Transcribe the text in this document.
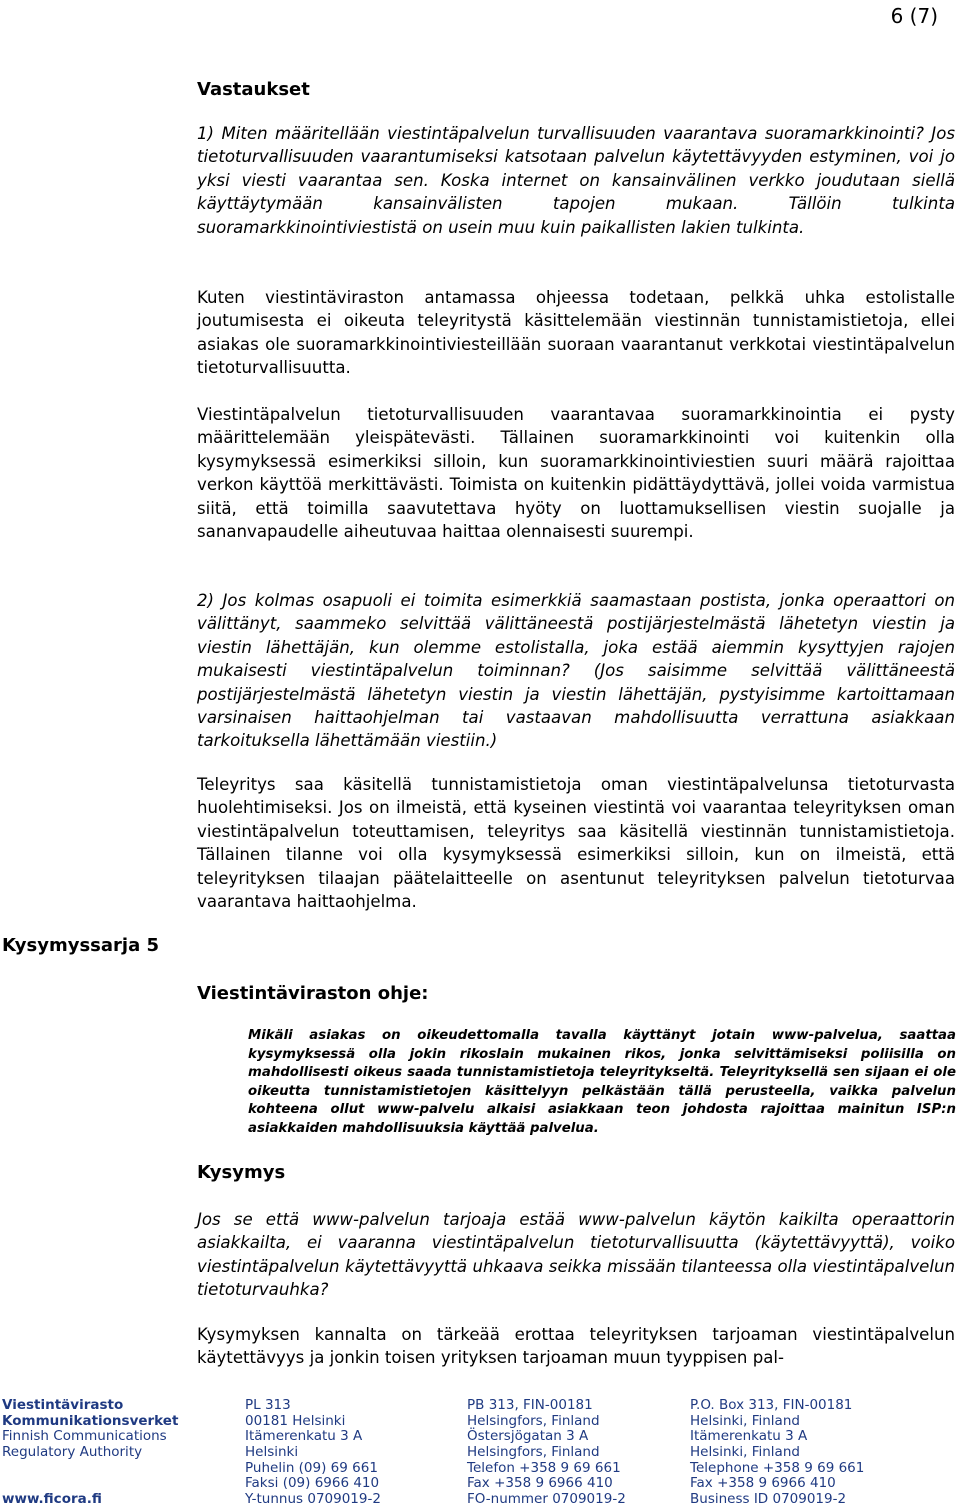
6 (7)
Vastaukset

1) Miten määritellään viestintäpalvelun turvallisuuden vaarantava suoramarkkinointi? Jos tietoturvallisuuden vaarantumiseksi katsotaan palvelun käytettävyyden estyminen, voi jo yksi viesti vaarantaa sen. Koska internet on kansainvälinen verkko joudutaan siellä käyttäytymään kansainvälisten tapojen mukaan. Tällöin tulkinta suoramarkkinointiviestistä on usein muu kuin paikallisten lakien tulkinta.

Kuten viestintäviraston antamassa ohjeessa todetaan, pelkkä uhka estolistalle joutumisesta ei oikeuta teleyritystä käsittelemään viestinnän tunnistamistietoja, ellei asiakas ole suoramarkkinointiviesteillään suoraan vaarantanut verkkotai viestintäpalvelun tietoturvallisuutta.

Viestintäpalvelun tietoturvallisuuden vaarantavaa suoramarkkinointia ei pysty määrittelemään yleispätevästi. Tällainen suoramarkkinointi voi kuitenkin olla kysymyksessä esimerkiksi silloin, kun suoramarkkinointiviestien suuri määrä rajoittaa verkon käyttöä merkittävästi. Toimista on kuitenkin pidättäydyttävä, jollei voida varmistua siitä, että toimilla saavutettava hyöty on luottamuksellisen viestin suojalle ja sananvapaudelle aiheutuvaa haittaa olennaisesti suurempi.

2) Jos kolmas osapuoli ei toimita esimerkkiä saamastaan postista, jonka operaattori on välittänyt, saammeko selvittää välittäneestä postijärjestelmästä lähetetyn viestin ja viestin lähettäjän, kun olemme estolistalla, joka estää aiemmin kysyttyjen rajojen mukaisesti viestintäpalvelun toiminnan? (Jos saisimme selvittää välittäneestä postijärjestelmästä lähetetyn viestin ja viestin lähettäjän, pystyisimme kartoittamaan varsinaisen haittaohjelman tai vastaavan mahdollisuutta verrattuna asiakkaan tarkoituksella lähettämään viestiin.)

Teleyritys saa käsitellä tunnistamistietoja oman viestintäpalvelunsa tietoturvasta huolehtimiseksi. Jos on ilmeistä, että kyseinen viestintä voi vaarantaa teleyrityksen oman viestintäpalvelun toteuttamisen, teleyritys saa käsitellä viestinnän tunnistamistietoja. Tällainen tilanne voi olla kysymyksessä esimerkiksi silloin, kun on ilmeistä, että teleyrityksen tilaajan päätelaitteelle on asentunut teleyrityksen palvelun tietoturvaa vaarantava haittaohjelma.

Kysymyssarja 5
Viestintäviraston ohje:

Mikäli asiakas on oikeudettomalla tavalla käyttänyt jotain www-palvelua, saattaa kysymyksessä olla jokin rikoslain mukainen rikos, jonka selvittämiseksi poliisilla on mahdollisesti oikeus saada tunnistamistietoja teleyritykseltä. Teleyrityksellä sen sijaan ei ole oikeutta tunnistamistietojen käsittelyyn pelkästään tällä perusteella, vaikka palvelun kohteena ollut www-palvelu alkaisi asiakkaan teon johdosta rajoittaa mainitun ISP:n asiakkaiden mahdollisuuksia käyttää palvelua.

Kysymys

Jos se että www-palvelun tarjoaja estää www-palvelun käytön kaikilta operaattorin asiakkailta, ei vaaranna viestintäpalvelun tietoturvallisuutta (käytettävyyttä), voiko viestintäpalvelun käytettävyyttä uhkaava seikka missään tilanteessa olla viestintäpalvelun tietoturvauhka?

Kysymyksen kannalta on tärkeää erottaa teleyrityksen tarjoaman viestintäpalvelun käytettävyys ja jonkin toisen yrityksen tarjoaman muun tyyppisen pal-

Viestintävirasto
Kommunikationsverket
Finnish Communications
Regulatory Authority
www.ficora.fi
PL 313
00181 Helsinki
Itämerenkatu 3 A
Helsinki
Puhelin (09) 69 661
Faksi (09) 6966 410
Y-tunnus 0709019-2
PB 313, FIN-00181
Helsingfors, Finland
Östersjögatan 3 A
Helsingfors, Finland
Telefon +358 9 69 661
Fax +358 9 6966 410
FO-nummer 0709019-2
P.O. Box 313, FIN-00181
Helsinki, Finland
Itämerenkatu 3 A
Helsinki, Finland
Telephone +358 9 69 661
Fax +358 9 6966 410
Business ID 0709019-2
